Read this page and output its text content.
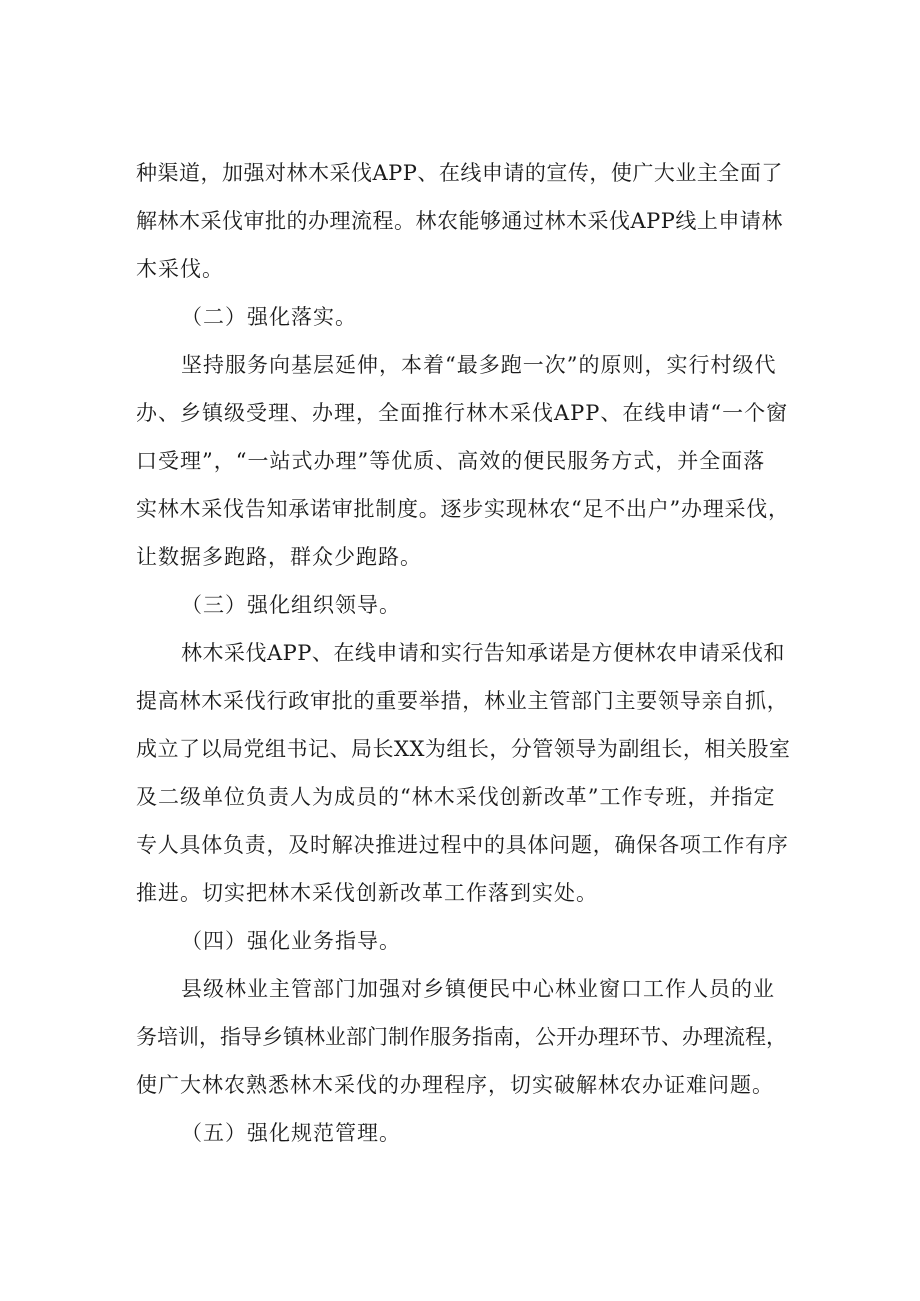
种渠道，加强对林木采伐APP、在线申请的宣传，使广大业主全面了
解林木采伐审批的办理流程。林农能够通过林木采伐APP线上申请林
木采伐。
（二）强化落实。
坚持服务向基层延伸，本着“最多跑一次”的原则，实行村级代
办、乡镇级受理、办理，全面推行林木采伐APP、在线申请“一个窗
口受理”，“一站式办理”等优质、高效的便民服务方式，并全面落
实林木采伐告知承诺审批制度。逐步实现林农“足不出户”办理采伐，
让数据多跑路，群众少跑路。
（三）强化组织领导。
林木采伐APP、在线申请和实行告知承诺是方便林农申请采伐和
提高林木采伐行政审批的重要举措，林业主管部门主要领导亲自抓，
成立了以局党组书记、局长XX为组长，分管领导为副组长，相关股室
及二级单位负责人为成员的“林木采伐创新改革”工作专班，并指定
专人具体负责，及时解决推进过程中的具体问题，确保各项工作有序
推进。切实把林木采伐创新改革工作落到实处。
（四）强化业务指导。
县级林业主管部门加强对乡镇便民中心林业窗口工作人员的业
务培训，指导乡镇林业部门制作服务指南，公开办理环节、办理流程，
使广大林农熟悉林木采伐的办理程序，切实破解林农办证难问题。
（五）强化规范管理。
